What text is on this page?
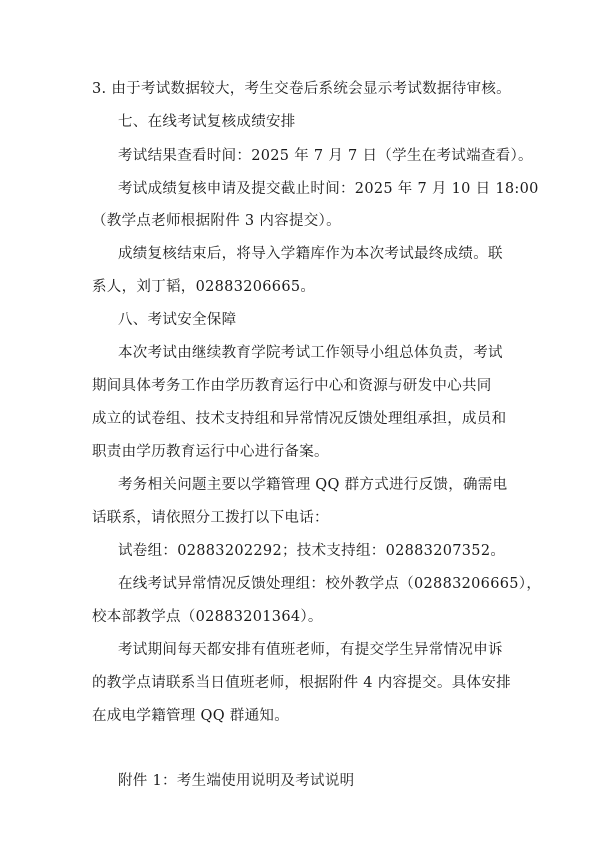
3. 由于考试数据较大，考生交卷后系统会显示考试数据待审核。
七、在线考试复核成绩安排
考试结果查看时间：2025 年 7 月 7 日（学生在考试端查看）。
考试成绩复核申请及提交截止时间：2025 年 7 月 10 日 18:00
（教学点老师根据附件 3 内容提交）。
成绩复核结束后，将导入学籍库作为本次考试最终成绩。联
系人，刘丁韬，02883206665。
八、考试安全保障
本次考试由继续教育学院考试工作领导小组总体负责，考试
期间具体考务工作由学历教育运行中心和资源与研发中心共同
成立的试卷组、技术支持组和异常情况反馈处理组承担，成员和
职责由学历教育运行中心进行备案。
考务相关问题主要以学籍管理 QQ 群方式进行反馈，确需电
话联系，请依照分工拨打以下电话：
试卷组：02883202292；技术支持组：02883207352。
在线考试异常情况反馈处理组：校外教学点（02883206665），
校本部教学点（02883201364）。
考试期间每天都安排有值班老师，有提交学生异常情况申诉
的教学点请联系当日值班老师，根据附件 4 内容提交。具体安排
在成电学籍管理 QQ 群通知。
附件 1：考生端使用说明及考试说明
